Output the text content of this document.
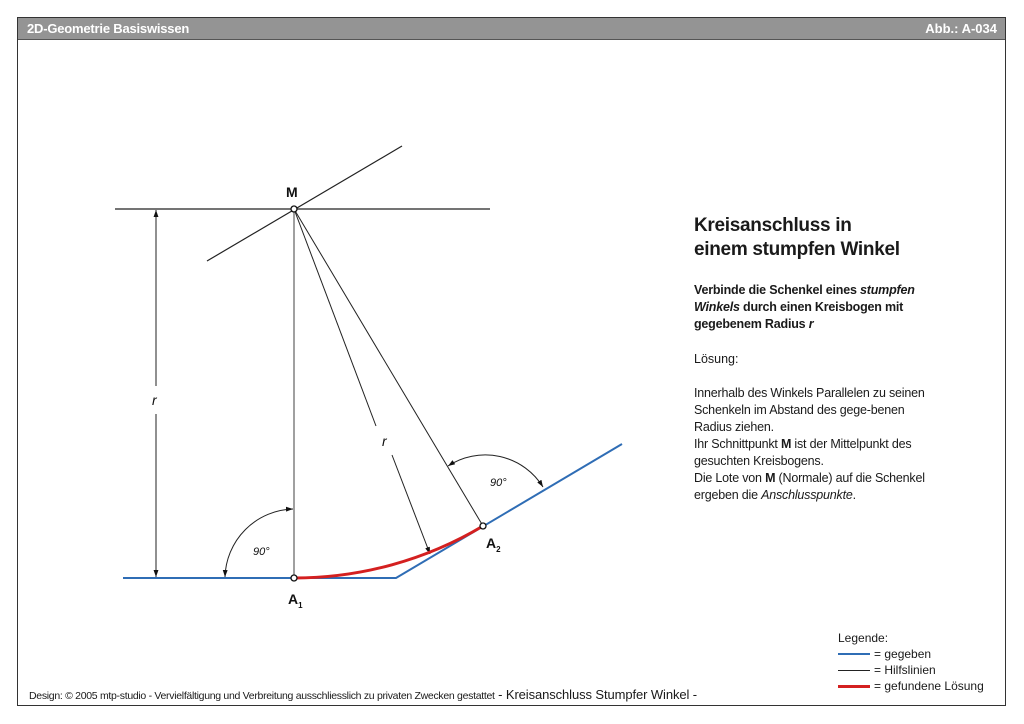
2D-Geometrie Basiswissen	Abb.: A-034
M
r
r
90°
90°
$A_1$
$A_2$
Kreisanschluss in
einem stumpfen Winkel
Verbinde die Schenkel eines stumpfen Winkels durch einen Kreisbogen mit gegebenem Radius r
Lösung:
Innerhalb des Winkels Parallelen zu seinen Schenkeln im Abstand des gege-benen Radius ziehen.
Ihr Schnittpunkt M ist der Mittelpunkt des gesuchten Kreisbogens.
Die Lote von M (Normale) auf die Schenkel ergeben die Anschlusspunkte.
Legende:
= gegeben
= Hilfslinien
= gefundene Lösung
Design: © 2005 mtp-studio - Vervielfältigung und Verbreitung ausschliesslich zu privaten Zwecken gestattet - Kreisanschluss Stumpfer Winkel -
